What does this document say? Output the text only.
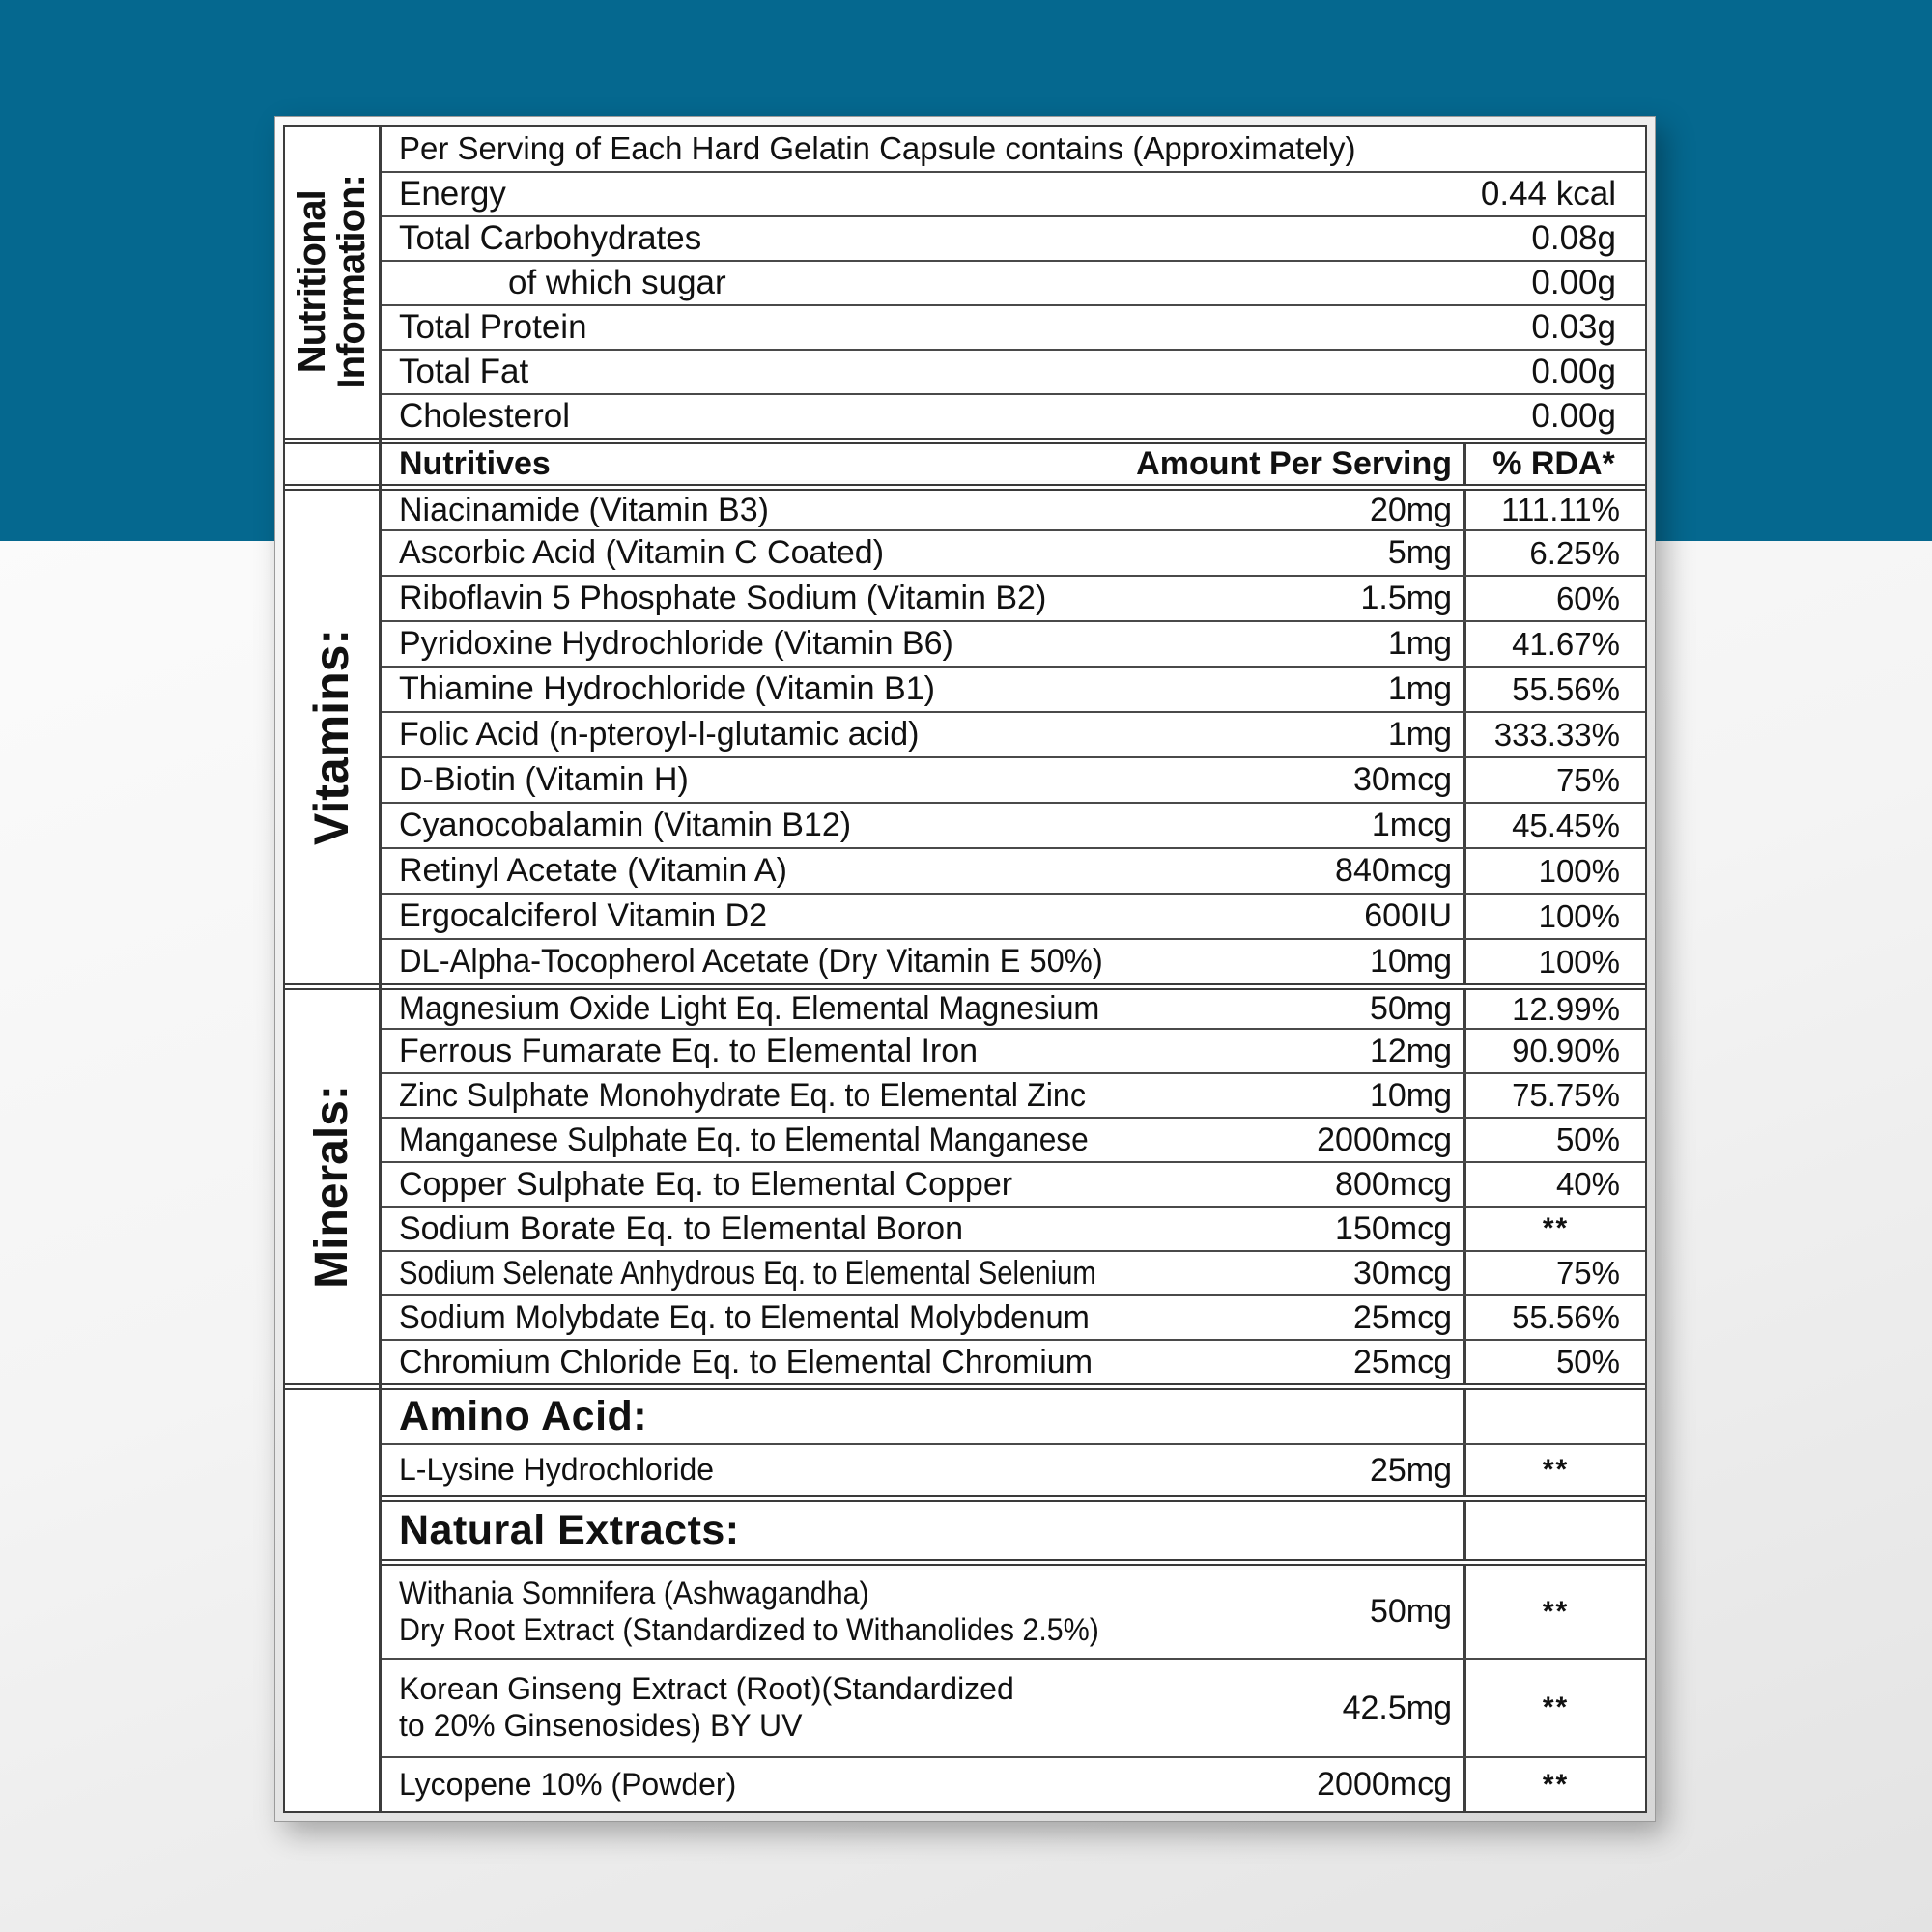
Nutritional
Information:
Vitamins:
Minerals:
Per Serving of Each Hard Gelatin Capsule contains (Approximately)
Energy	0.44 kcal
Total Carbohydrates	0.08g
of which sugar	0.00g
Total Protein	0.03g
Total Fat	0.00g
Cholesterol	0.00g
Nutritives	Amount Per Serving	% RDA*
Niacinamide (Vitamin B3)	20mg	111.11%
Ascorbic Acid (Vitamin C Coated)	5mg	6.25%
Riboflavin 5 Phosphate Sodium (Vitamin B2)	1.5mg	60%
Pyridoxine Hydrochloride (Vitamin B6)	1mg	41.67%
Thiamine Hydrochloride (Vitamin B1)	1mg	55.56%
Folic Acid (n-pteroyl-l-glutamic acid)	1mg	333.33%
D-Biotin (Vitamin H)	30mcg	75%
Cyanocobalamin (Vitamin B12)	1mcg	45.45%
Retinyl Acetate (Vitamin A)	840mcg	100%
Ergocalciferol Vitamin D2	600IU	100%
DL-Alpha-Tocopherol Acetate (Dry Vitamin E 50%)	10mg	100%
Magnesium Oxide Light Eq. Elemental Magnesium	50mg	12.99%
Ferrous Fumarate Eq. to Elemental Iron	12mg	90.90%
Zinc Sulphate Monohydrate Eq. to Elemental Zinc	10mg	75.75%
Manganese Sulphate Eq. to Elemental Manganese	2000mcg	50%
Copper Sulphate Eq. to Elemental Copper	800mcg	40%
Sodium Borate Eq. to Elemental Boron	150mcg	**
Sodium Selenate Anhydrous Eq. to Elemental Selenium	30mcg	75%
Sodium Molybdate Eq. to Elemental Molybdenum	25mcg	55.56%
Chromium Chloride Eq. to Elemental Chromium	25mcg	50%
Amino Acid:
L-Lysine Hydrochloride	25mg	**
Natural Extracts:
Withania Somnifera (Ashwagandha)
Dry Root Extract (Standardized to Withanolides 2.5%)	50mg	**
Korean Ginseng Extract (Root)(Standardized
to 20% Ginsenosides) BY UV	42.5mg	**
Lycopene 10% (Powder)	2000mcg	**
